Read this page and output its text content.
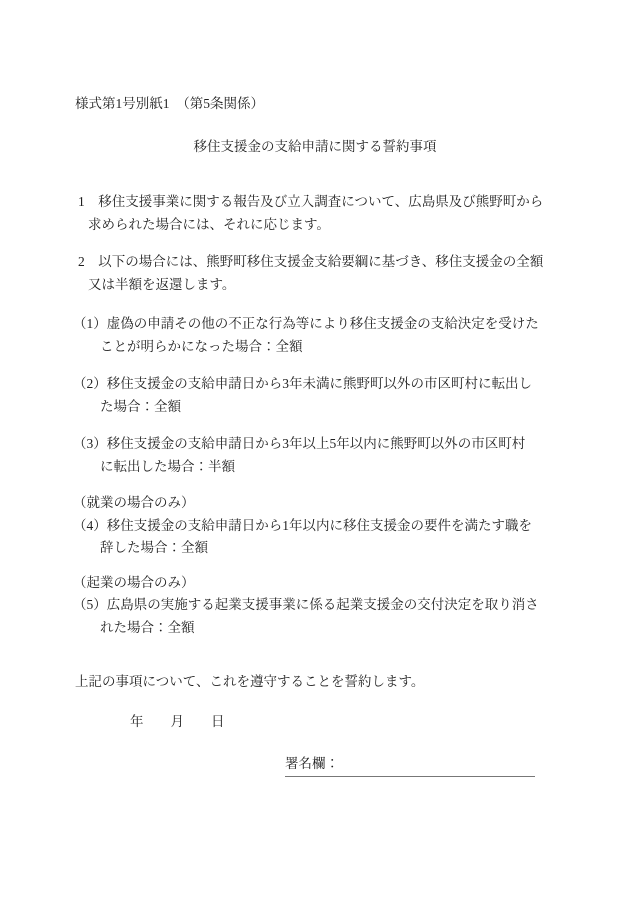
様式第1号別紙1　（第5条関係）
移住支援金の支給申請に関する誓約事項
1　移住支援事業に関する報告及び立入調査について、広島県及び熊野町から
求められた場合には、それに応じます。
2　以下の場合には、熊野町移住支援金支給要綱に基づき、移住支援金の全額
又は半額を返還します。
（1）虚偽の申請その他の不正な行為等により移住支援金の支給決定を受けた
ことが明らかになった場合：全額
（2）移住支援金の支給申請日から3年未満に熊野町以外の市区町村に転出し
た場合：全額
（3）移住支援金の支給申請日から3年以上5年以内に熊野町以外の市区町村
に転出した場合：半額
（就業の場合のみ）
（4）移住支援金の支給申請日から1年以内に移住支援金の要件を満たす職を
辞した場合：全額
（起業の場合のみ）
（5）広島県の実施する起業支援事業に係る起業支援金の交付決定を取り消さ
れた場合：全額
上記の事項について、これを遵守することを誓約します。
年　　月　　日
署名欄：
